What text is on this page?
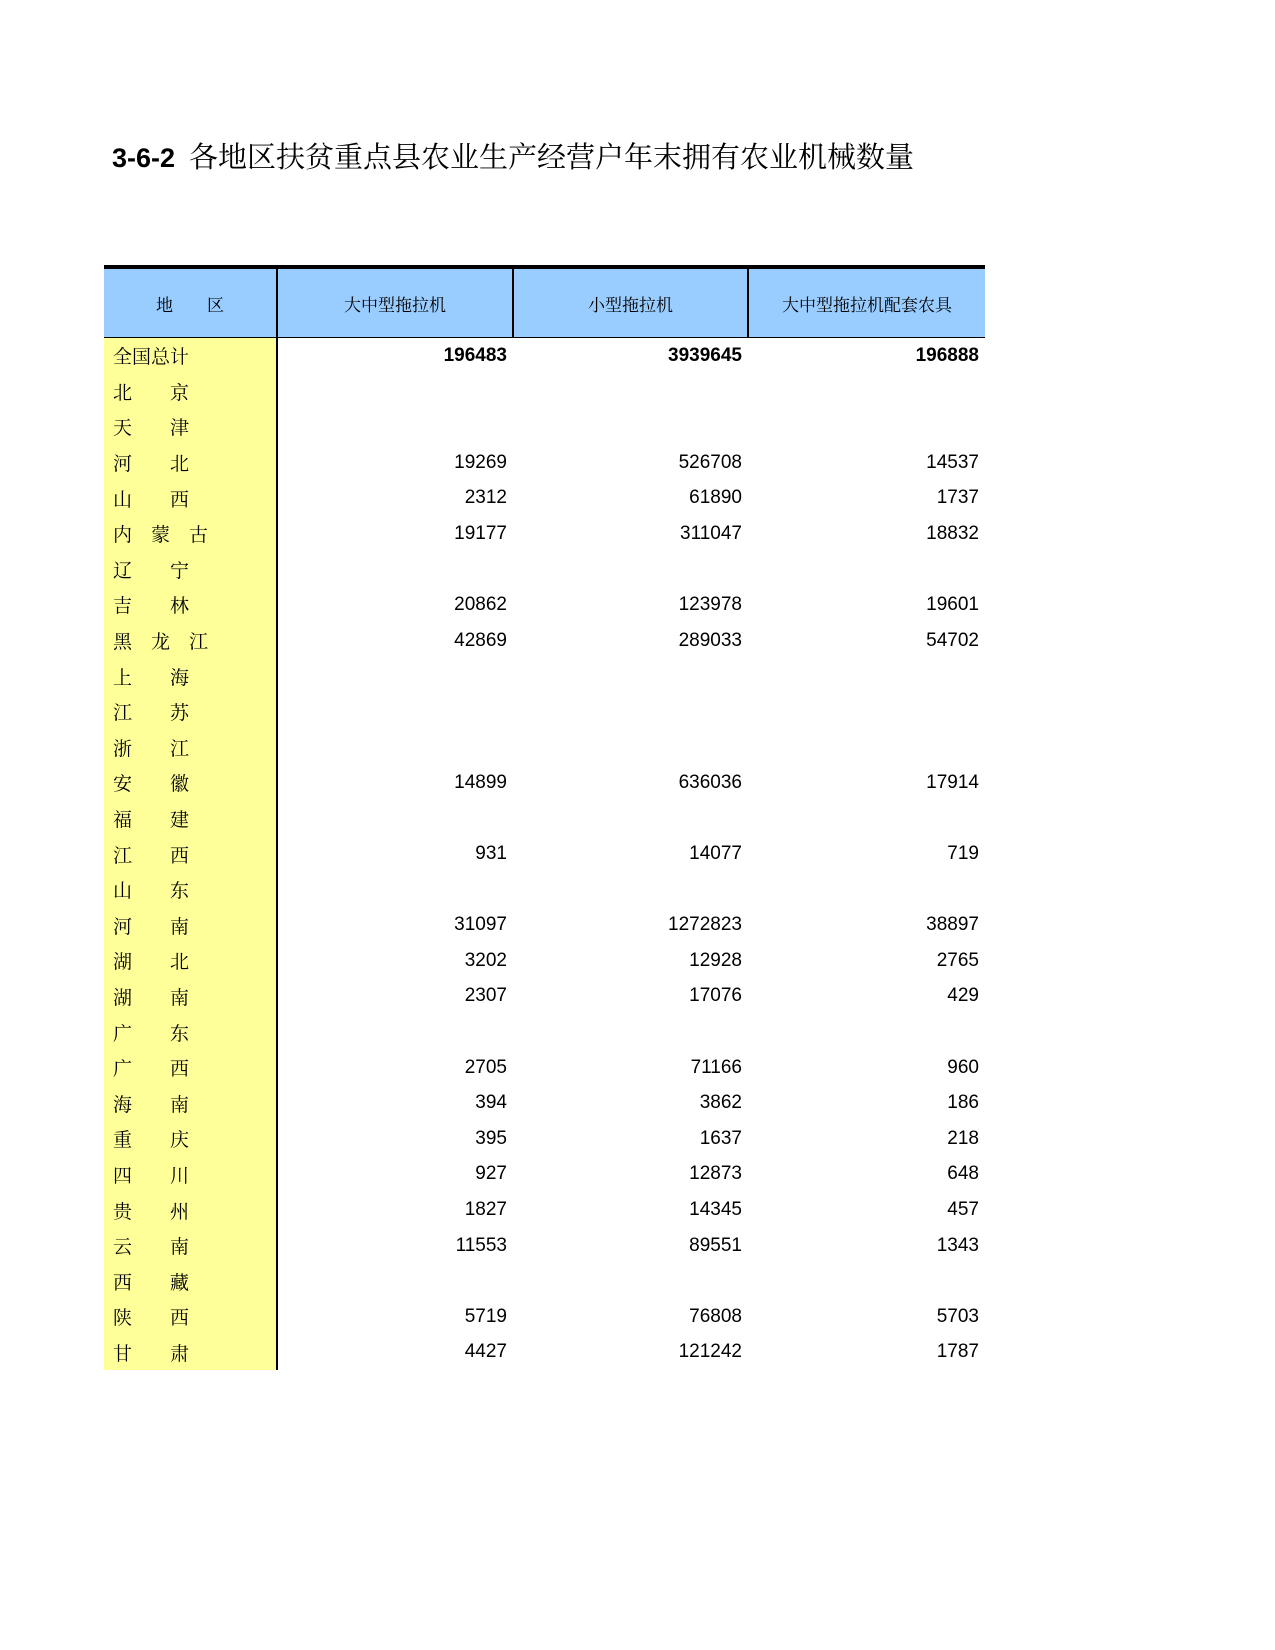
3-6-2 各地区扶贫重点县农业生产经营户年末拥有农业机械数量
地　　区	大中型拖拉机	小型拖拉机	大中型拖拉机配套农具
全国总计	196483	3939645	196888
北　　京			
天　　津			
河　　北	19269	526708	14537
山　　西	2312	61890	1737
内　蒙　古	19177	311047	18832
辽　　宁			
吉　　林	20862	123978	19601
黑　龙　江	42869	289033	54702
上　　海			
江　　苏			
浙　　江			
安　　徽	14899	636036	17914
福　　建			
江　　西	931	14077	719
山　　东			
河　　南	31097	1272823	38897
湖　　北	3202	12928	2765
湖　　南	2307	17076	429
广　　东			
广　　西	2705	71166	960
海　　南	394	3862	186
重　　庆	395	1637	218
四　　川	927	12873	648
贵　　州	1827	14345	457
云　　南	11553	89551	1343
西　　藏			
陕　　西	5719	76808	5703
甘　　肃	4427	121242	1787
